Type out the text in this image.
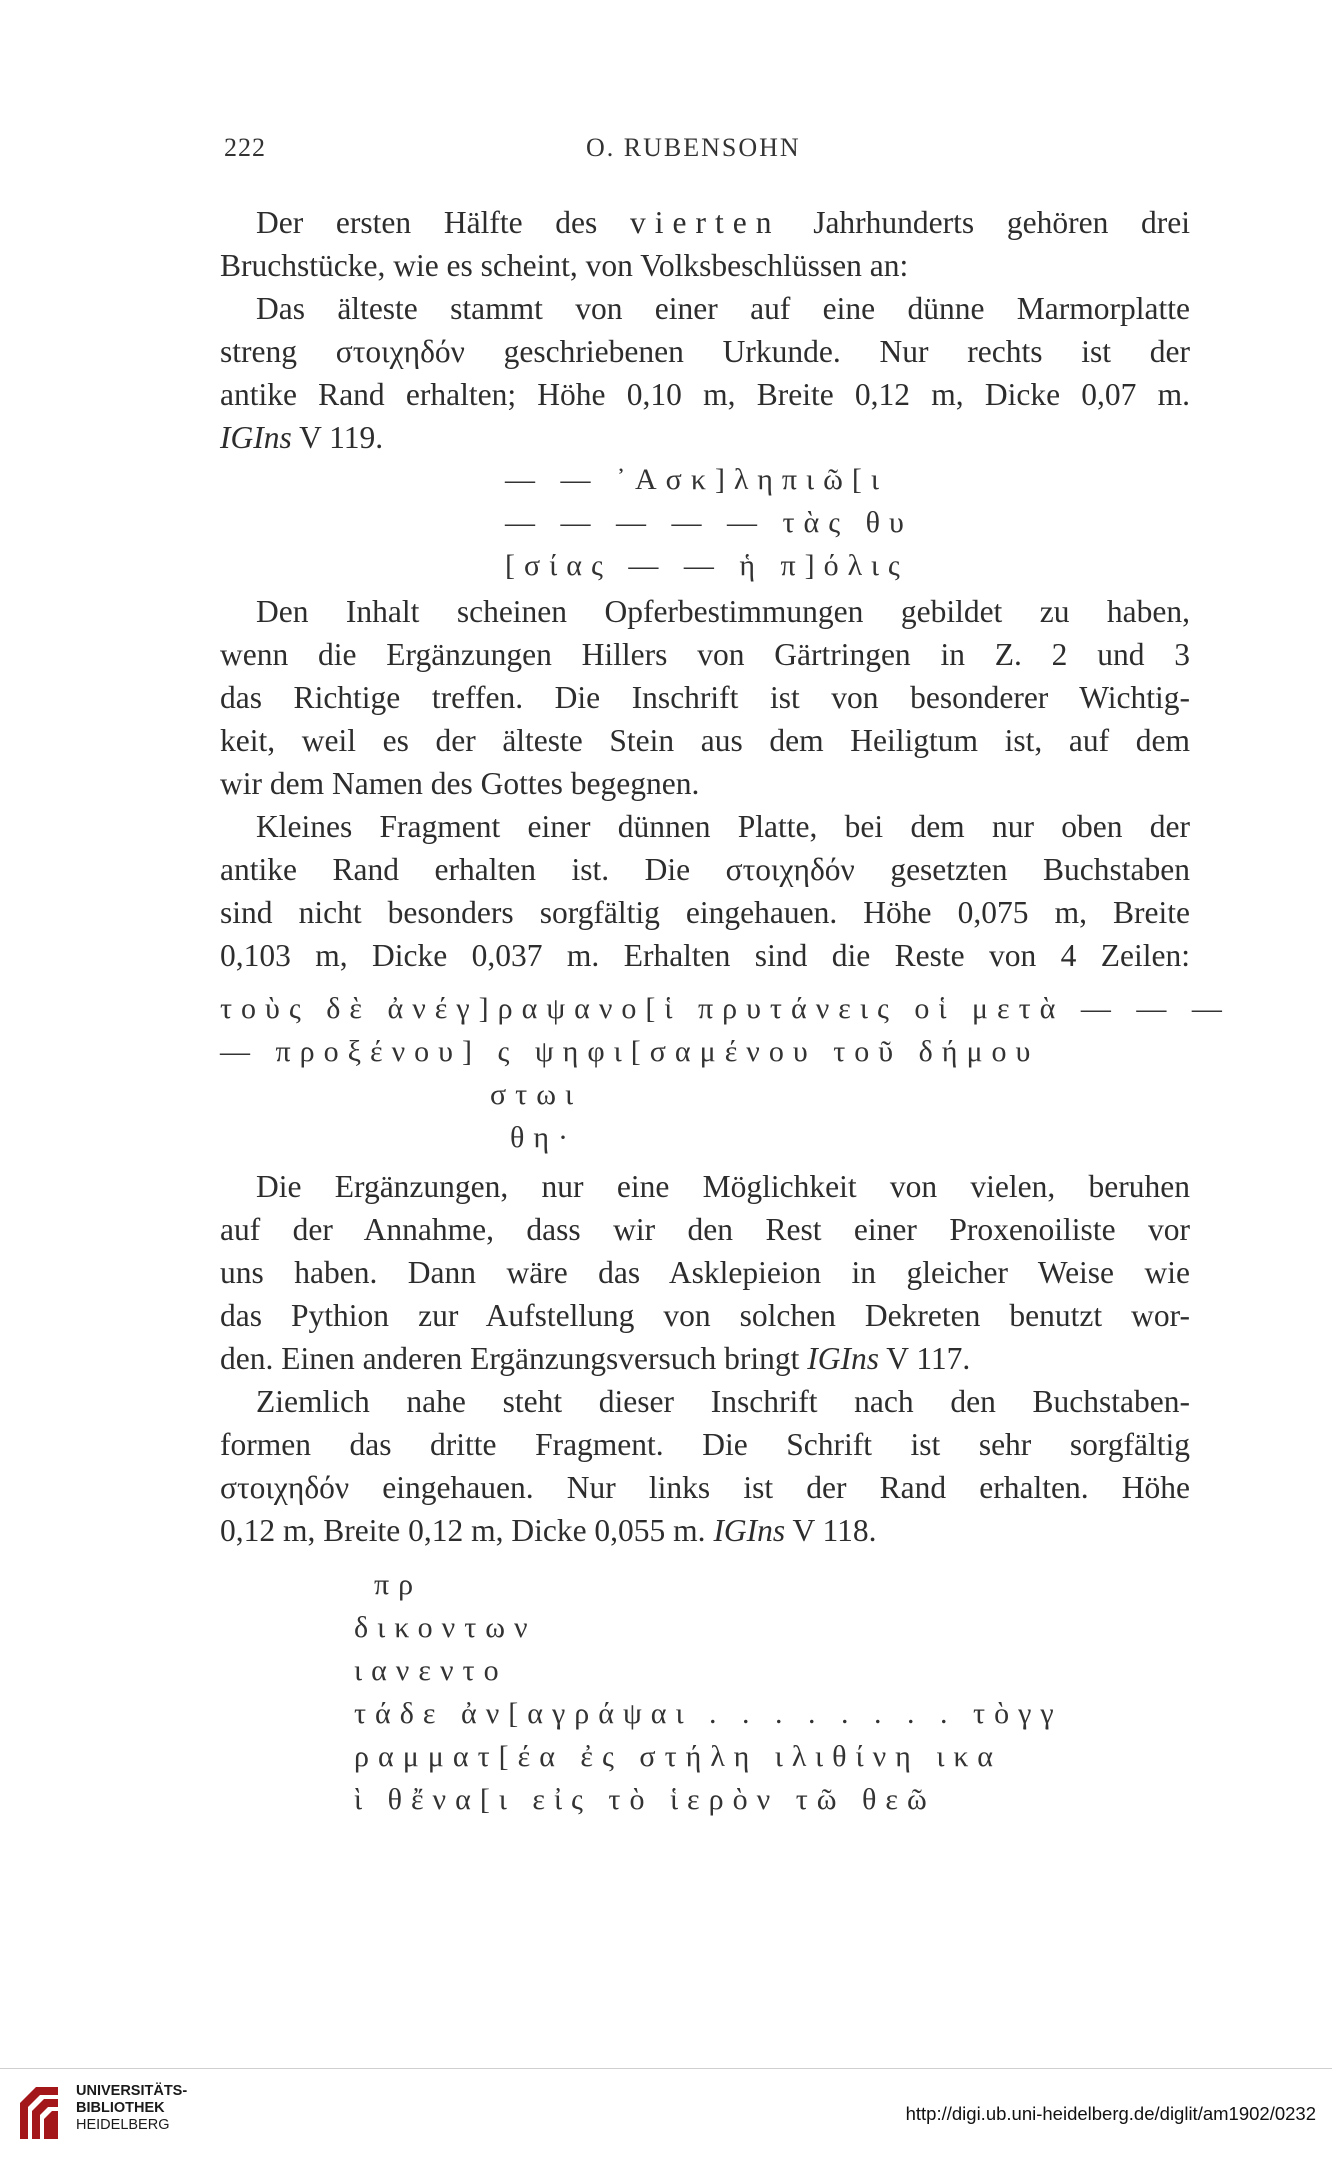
222	O. RUBENSOHN

Der ersten Hälfte des vierten Jahrhunderts gehören drei
Bruchstücke, wie es scheint, von Volksbeschlüssen an:

Das älteste stammt von einer auf eine dünne Marmorplatte
streng στοιχηδόν geschriebenen Urkunde. Nur rechts ist der
antike Rand erhalten; Höhe 0,10 m, Breite 0,12 m, Dicke 0,07 m.
IGIns V 119.

— — ᾿Ασκ]ληπιῶ[ι
— — — — — τὰς θυ
[σίας — — ἡ π]όλις

Den Inhalt scheinen Opferbestimmungen gebildet zu haben,
wenn die Ergänzungen Hillers von Gärtringen in Z. 2 und 3
das Richtige treffen. Die Inschrift ist von besonderer Wichtig-
keit, weil es der älteste Stein aus dem Heiligtum ist, auf dem
wir dem Namen des Gottes begegnen.

Kleines Fragment einer dünnen Platte, bei dem nur oben der
antike Rand erhalten ist. Die στοιχηδόν gesetzten Buchstaben
sind nicht besonders sorgfältig eingehauen. Höhe 0,075 m, Breite
0,103 m, Dicke 0,037 m. Erhalten sind die Reste von 4 Zeilen:

τοὺς δὲ ἀνέγ]ραψανο[ἱ πρυτάνεις οἱ μετὰ — — —
— προξένου] ς ψηφι[σαμένου τοῦ δήμου
στωι
θη·

Die Ergänzungen, nur eine Möglichkeit von vielen, beruhen
auf der Annahme, dass wir den Rest einer Proxenoiliste vor
uns haben. Dann wäre das Asklepieion in gleicher Weise wie
das Pythion zur Aufstellung von solchen Dekreten benutzt wor-
den. Einen anderen Ergänzungsversuch bringt IGIns V 117.

Ziemlich nahe steht dieser Inschrift nach den Buchstaben-
formen das dritte Fragment. Die Schrift ist sehr sorgfältig
στοιχηδόν eingehauen. Nur links ist der Rand erhalten. Höhe
0,12 m, Breite 0,12 m, Dicke 0,055 m. IGIns V 118.

πρ
δικοντων
ιανεντο
τάδε ἀν[αγράψαι . . . . . . . . τὸγγ
ραμματ[έα ἐς στήλη ιλιθίνη ικα
ὶ θἔνα[ι εἰς τὸ ἱερὸν τῶ θεῶ
UNIVERSITÄTS-
BIBLIOTHEK
HEIDELBERG
http://digi.ub.uni-heidelberg.de/diglit/am1902/0232
